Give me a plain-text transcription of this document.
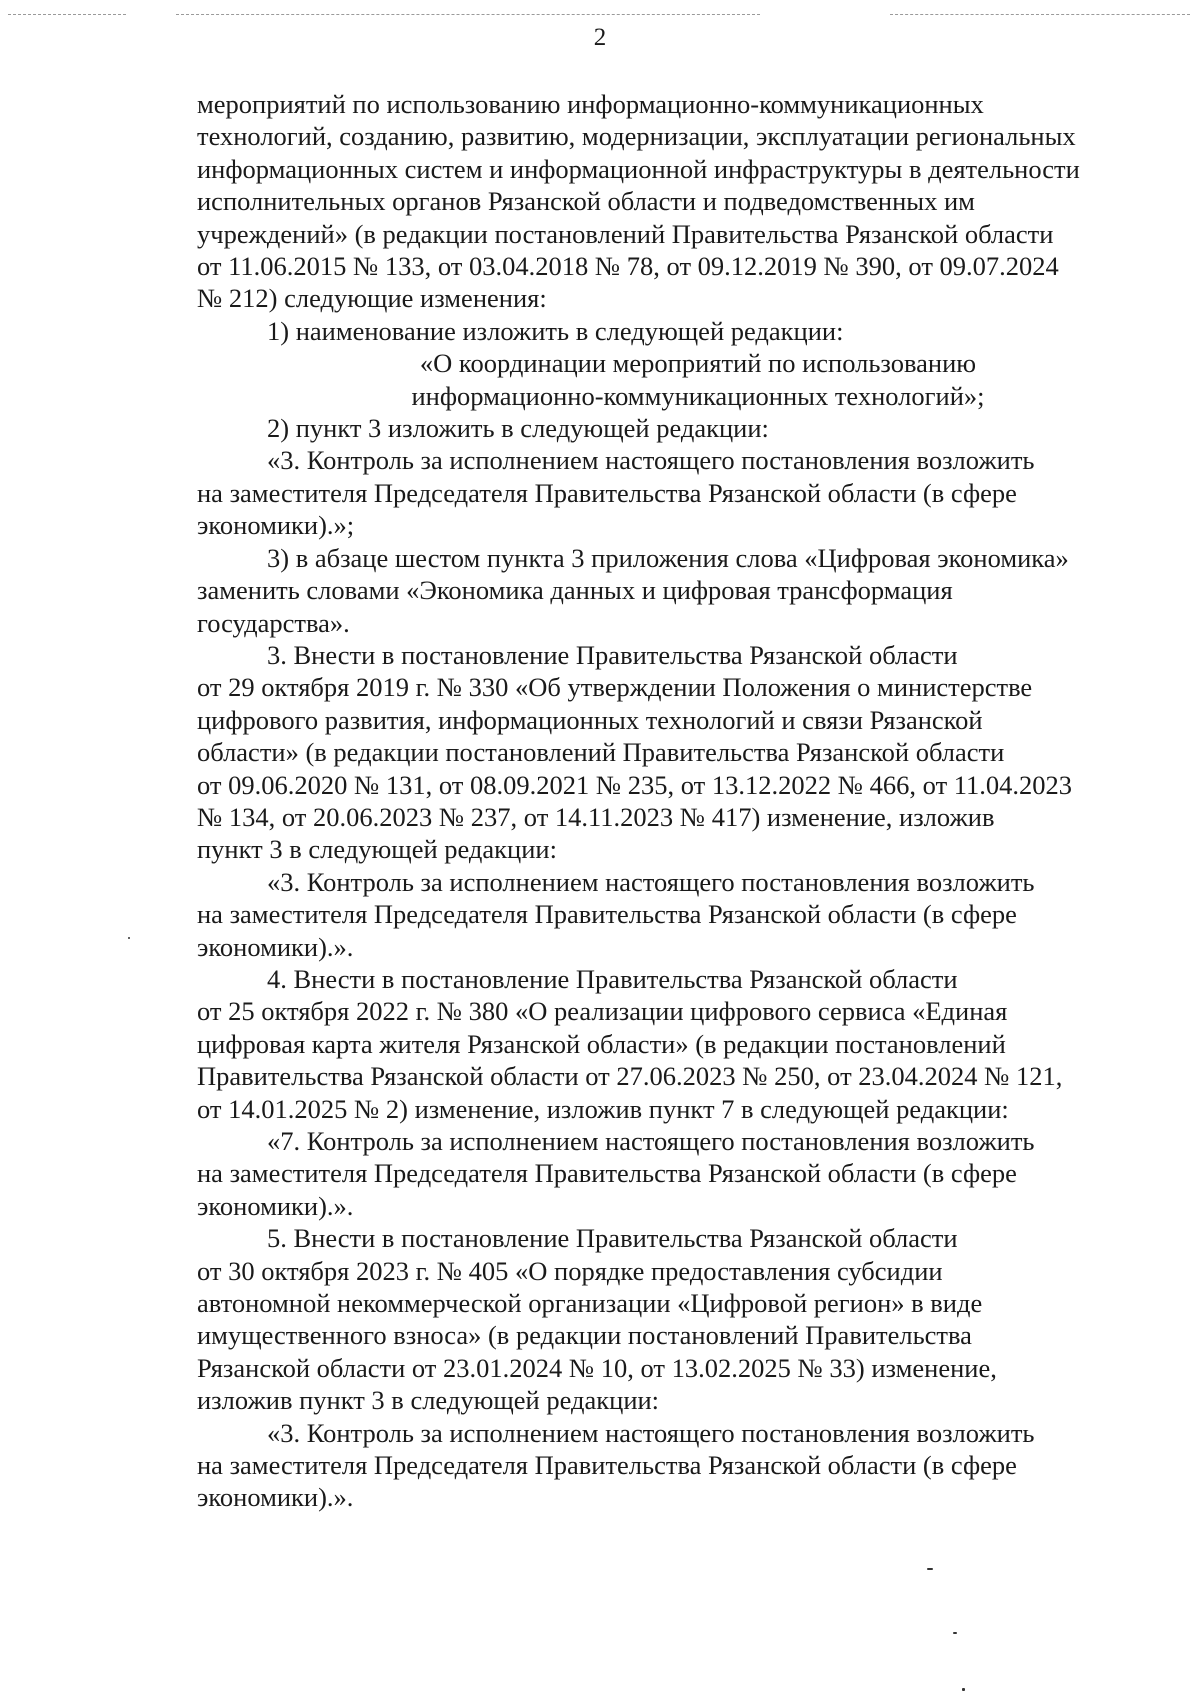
2

мероприятий по использованию информационно-коммуникационных
технологий, созданию, развитию, модернизации, эксплуатации региональных
информационных систем и информационной инфраструктуры в деятельности
исполнительных органов Рязанской области и подведомственных им
учреждений» (в редакции постановлений Правительства Рязанской области
от 11.06.2015 № 133, от 03.04.2018 № 78, от 09.12.2019 № 390, от 09.07.2024
№ 212) следующие изменения:

1) наименование изложить в следующей редакции:

«О координации мероприятий по использованию
информационно-коммуникационных технологий»;

2) пункт 3 изложить в следующей редакции:

«3. Контроль за исполнением настоящего постановления возложить
на заместителя Председателя Правительства Рязанской области (в сфере
экономики).»;

3) в абзаце шестом пункта 3 приложения слова «Цифровая экономика»
заменить словами «Экономика данных и цифровая трансформация
государства».

3. Внести в постановление Правительства Рязанской области
от 29 октября 2019 г. № 330 «Об утверждении Положения о министерстве
цифрового развития, информационных технологий и связи Рязанской
области» (в редакции постановлений Правительства Рязанской области
от 09.06.2020 № 131, от 08.09.2021 № 235, от 13.12.2022 № 466, от 11.04.2023
№ 134, от 20.06.2023 № 237, от 14.11.2023 № 417) изменение, изложив
пункт 3 в следующей редакции:

«3. Контроль за исполнением настоящего постановления возложить
на заместителя Председателя Правительства Рязанской области (в сфере
экономики).».

4. Внести в постановление Правительства Рязанской области
от 25 октября 2022 г. № 380 «О реализации цифрового сервиса «Единая
цифровая карта жителя Рязанской области» (в редакции постановлений
Правительства Рязанской области от 27.06.2023 № 250, от 23.04.2024 № 121,
от 14.01.2025 № 2) изменение, изложив пункт 7 в следующей редакции:

«7. Контроль за исполнением настоящего постановления возложить
на заместителя Председателя Правительства Рязанской области (в сфере
экономики).».

5. Внести в постановление Правительства Рязанской области
от 30 октября 2023 г. № 405 «О порядке предоставления субсидии
автономной некоммерческой организации «Цифровой регион» в виде
имущественного взноса» (в редакции постановлений Правительства
Рязанской области от 23.01.2024 № 10, от 13.02.2025 № 33) изменение,
изложив пункт 3 в следующей редакции:

«3. Контроль за исполнением настоящего постановления возложить
на заместителя Председателя Правительства Рязанской области (в сфере
экономики).».
